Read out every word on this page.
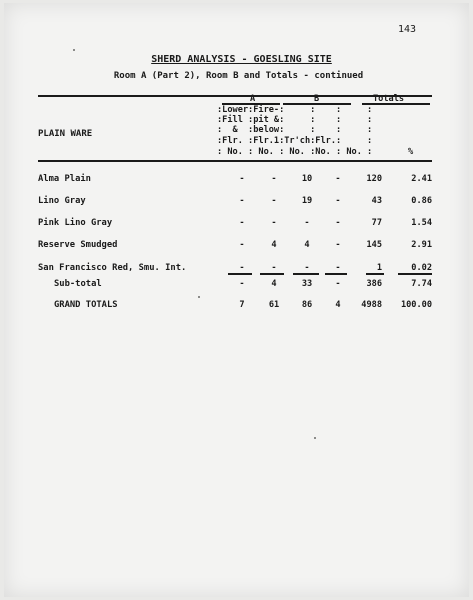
143
SHERD ANALYSIS - GOESLING SITE
Room A (Part 2), Room B and Totals - continued
A	B	Totals
:Lower:Fire-:     :    :     :
:Fill :pit &:     :    :     :
:  &  :below:     :    :     :
:Flr. :Flr.1:Tr'ch:Flr.:     :
: No. : No. : No. :No. : No. :	%
PLAIN WARE
Alma Plain	-	-	10	-	120	2.41
Lino Gray	-	-	19	-	43	0.86
Pink Lino Gray	-	-	-	-	77	1.54
Reserve Smudged	-	4	4	-	145	2.91
San Francisco Red, Smu. Int.	-	-	-	-	1	0.02
Sub-total	-	4	33	-	386	7.74
GRAND TOTALS	7	61	86	4	4988	100.00
